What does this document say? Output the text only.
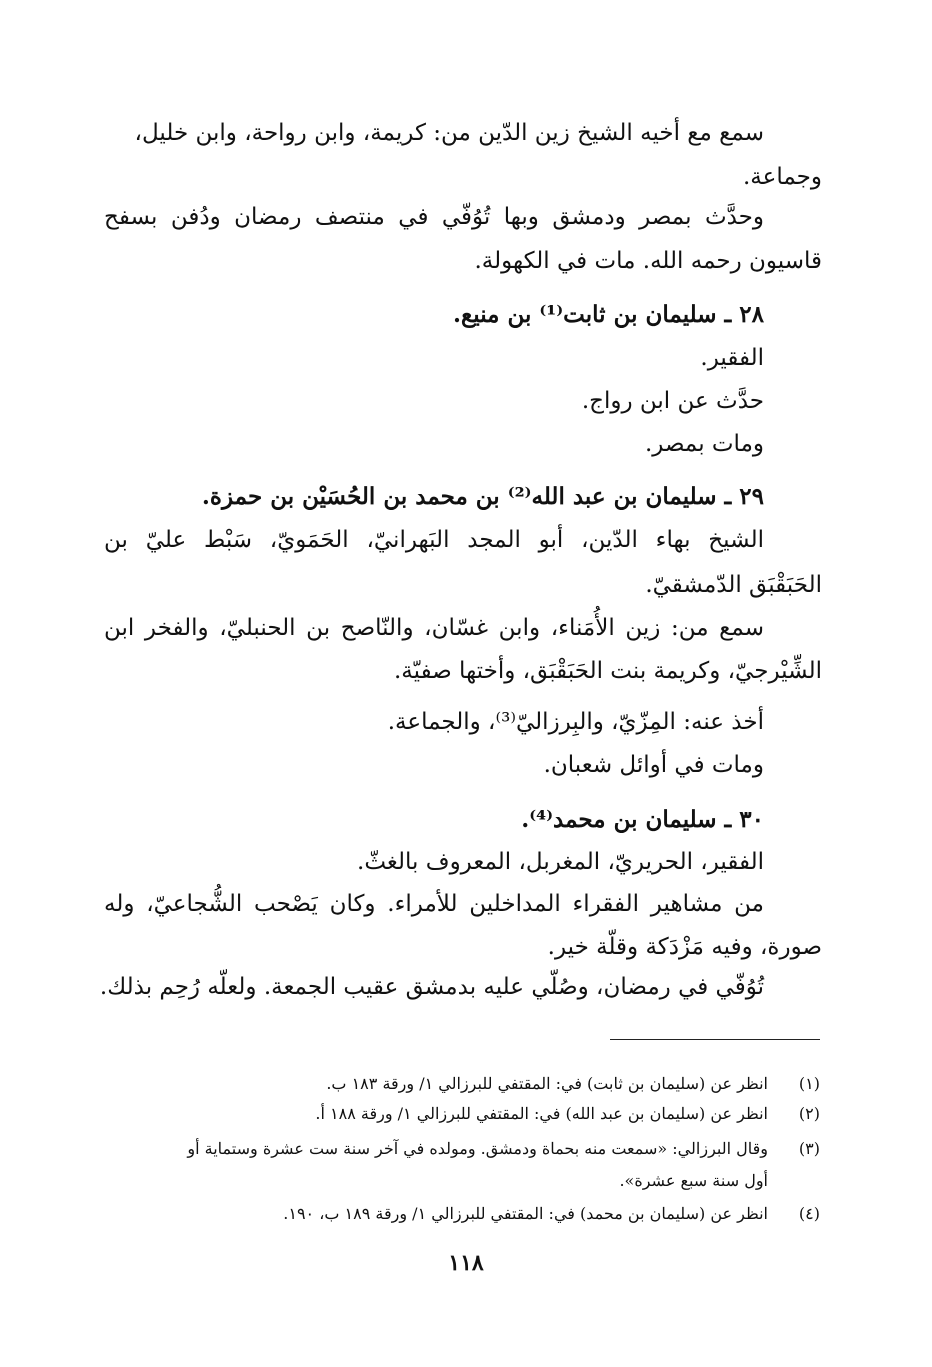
سمع مع أخيه الشيخ زين الدّين من: كريمة، وابن رواحة، وابن خليل،
وجماعة.
وحدَّث بمصر ودمشق وبها تُوُفّي في منتصف رمضان ودُفن بسفح
قاسيون رحمه الله. مات في الكهولة.
٢٨ ـ سليمان بن ثابت⁽¹⁾ بن منيع.
الفقير.
حدَّث عن ابن رواج.
ومات بمصر.
٢٩ ـ سليمان بن عبد الله⁽²⁾ بن محمد بن الحُسَيْن بن حمزة.
الشيخ بهاء الدّين، أبو المجد البَهرانيّ، الحَمَويّ، سَبْط عليّ بن
الحَبَقْبَق الدّمشقيّ.
سمع من: زين الأُمَناء، وابن غسّان، والنّاصح بن الحنبليّ، والفخر ابن
الشِّيْرجيّ، وكريمة بنت الحَبَقْبَق، وأختها صفيّة.
أخذ عنه: المِزّيّ، والبِرزاليّ⁽³⁾، والجماعة.
ومات في أوائل شعبان.
٣٠ ـ سليمان بن محمد⁽⁴⁾.
الفقير، الحريريّ، المغربل، المعروف بالغثّ.
من مشاهير الفقراء المداخلين للأمراء. وكان يَصْحب الشُّجاعيّ، وله
صورة، وفيه مَزْدَكة وقلّة خير.
تُوُفّي في رمضان، وصُلّي عليه بدمشق عقيب الجمعة. ولعلّه رُحِم بذلك.
(١)انظر عن (سليمان بن ثابت) في: المقتفي للبرزالي ١/ ورقة ١٨٣ ب.
(٢)انظر عن (سليمان بن عبد الله) في: المقتفي للبرزالي ١/ ورقة ١٨٨ أ.
(٣)وقال البرزالي: «سمعت منه بحماة ودمشق. ومولده في آخر سنة ست عشرة وستماية أو
أول سنة سبع عشرة».
(٤)انظر عن (سليمان بن محمد) في: المقتفي للبرزالي ١/ ورقة ١٨٩ ب، ١٩٠.
١١٨
